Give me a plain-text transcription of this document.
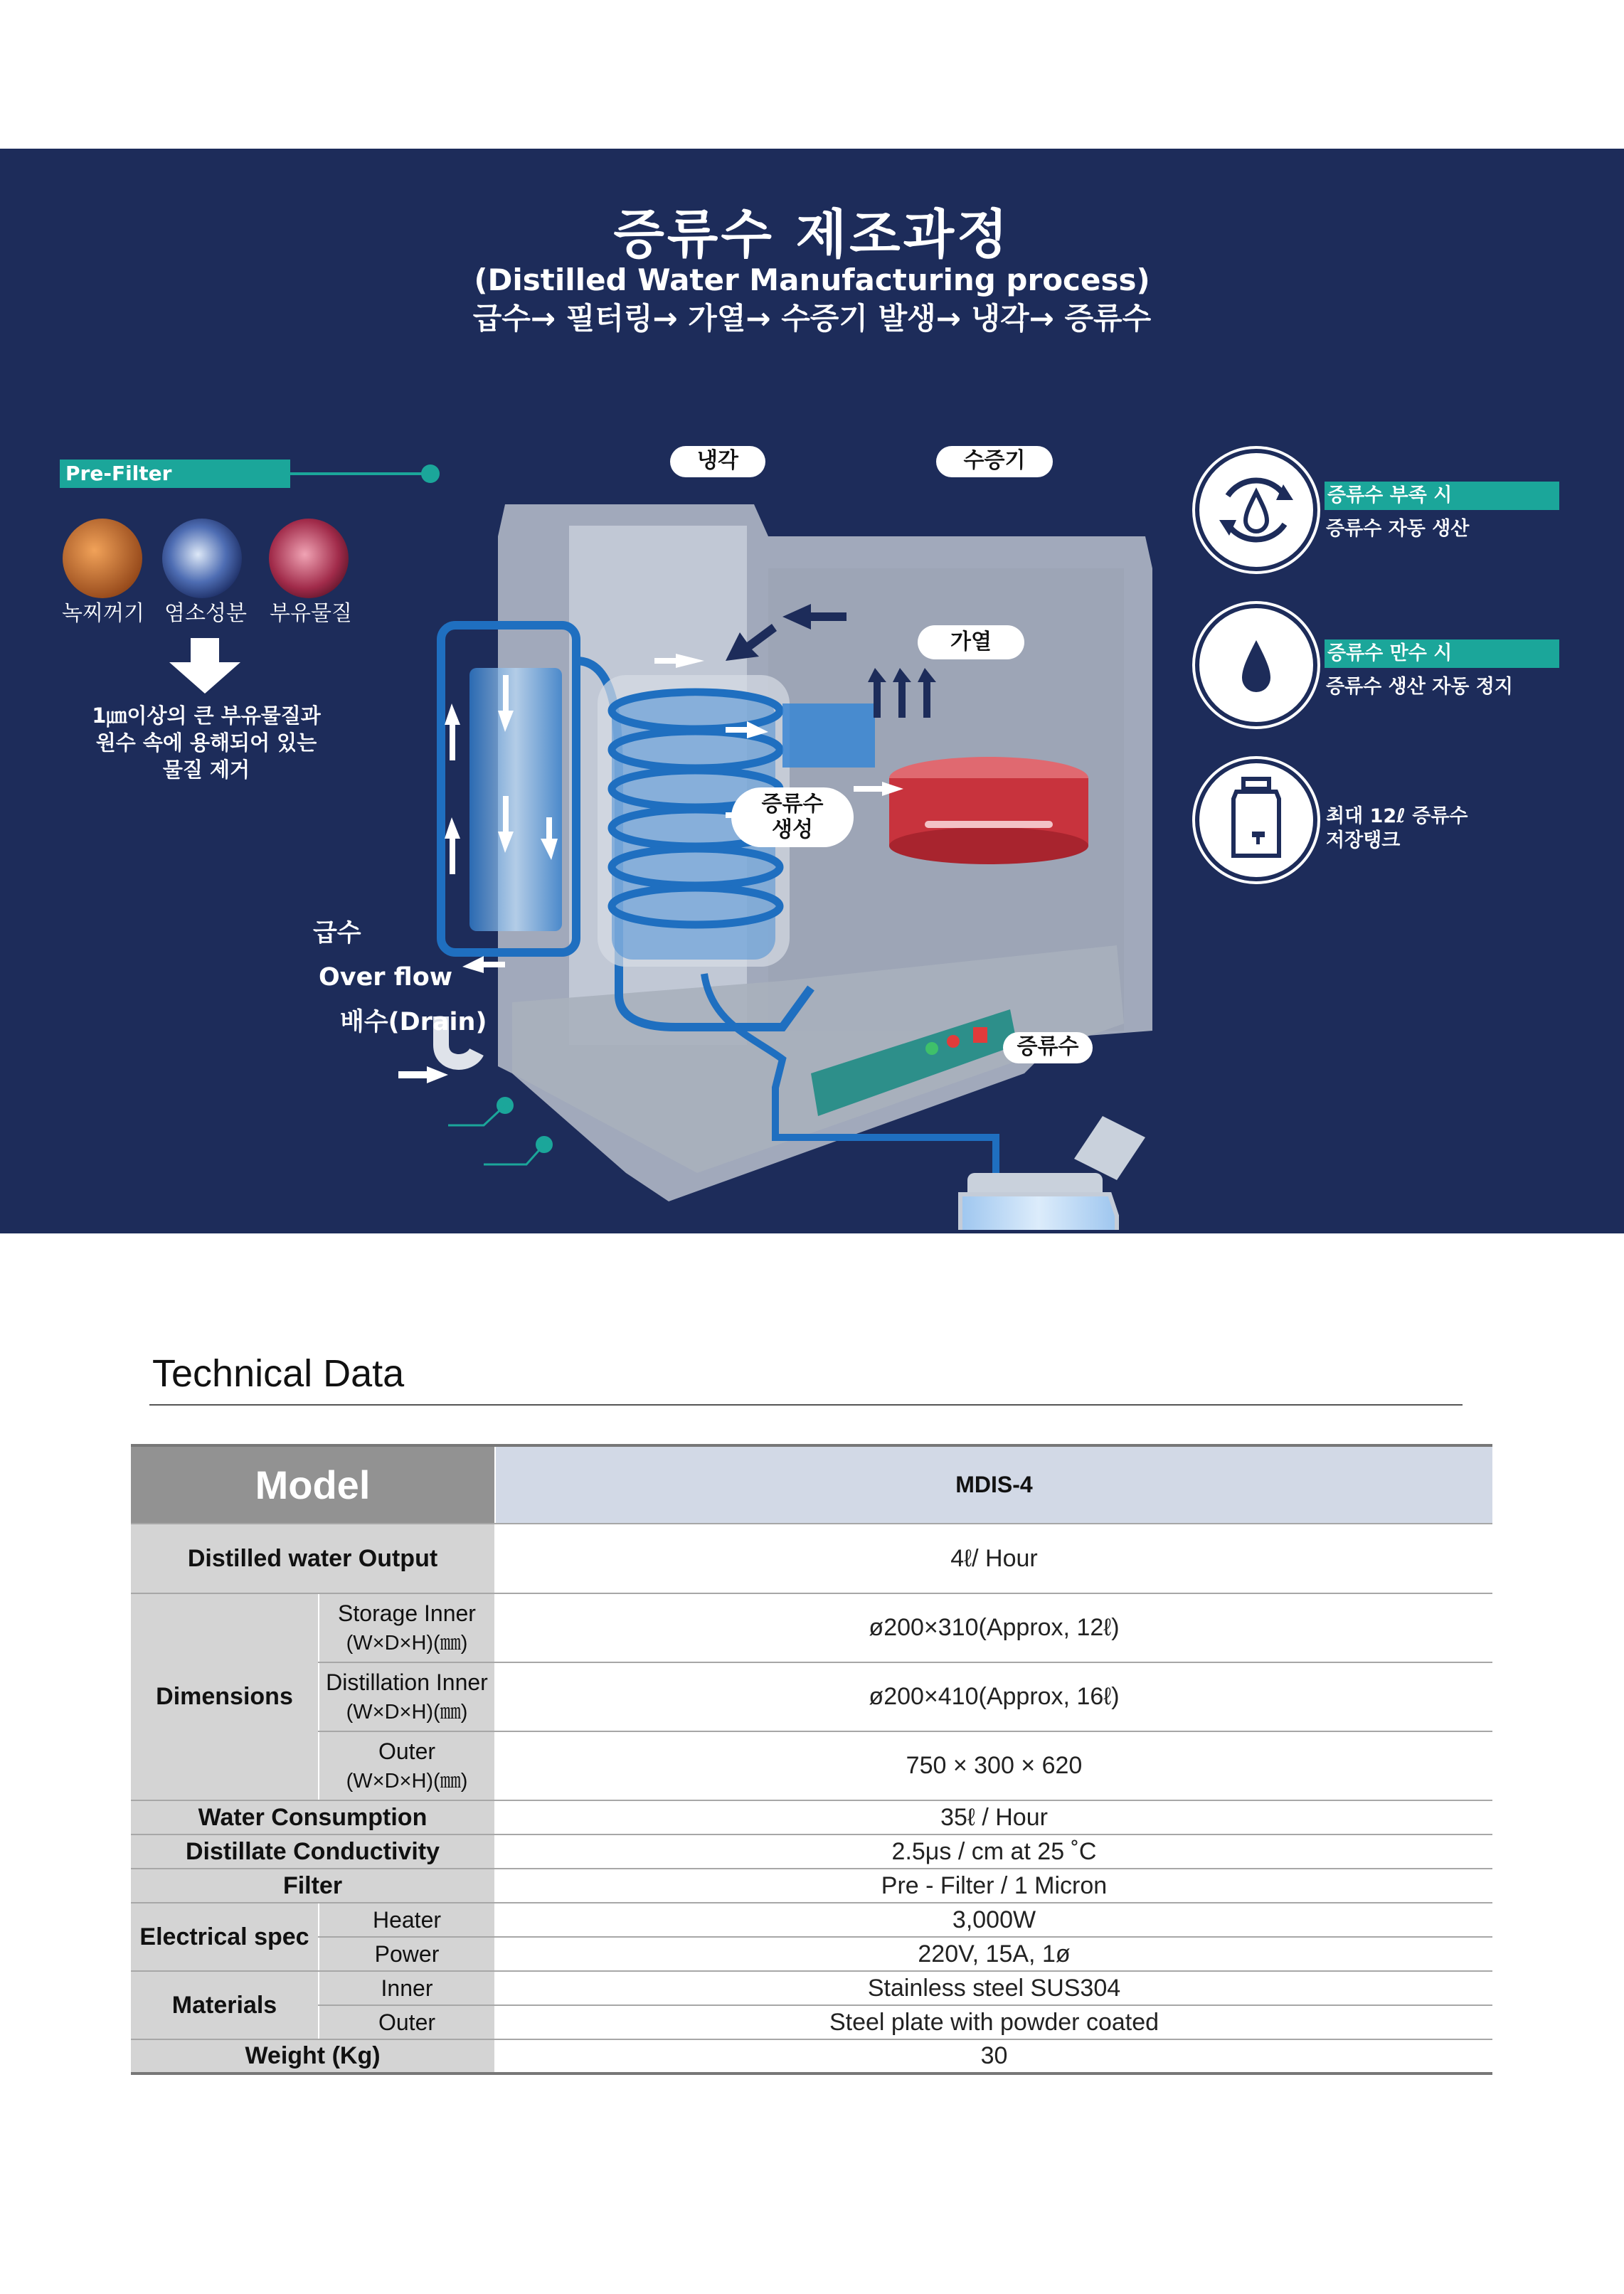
증류수 제조과정
(Distilled Water Manufacturing process)
급수→ 필터링→ 가열→ 수증기 발생→ 냉각→ 증류수
Pre-Filter
녹찌꺼기 염소성분	부유물질
1㎛이상의 큰 부유물질과
원수 속에 용해되어 있는
물질 제거
냉각	수증기
가열
증류수
생성
증류수
급수
Over flow
배수(Drain)
증류수 부족 시
증류수 자동 생산
증류수 만수 시
증류수 생산 자동 정지
최대 12ℓ 증류수
저장탱크
Technical Data
Model		MDIS-4
Distilled water Output		4ℓ/ Hour
Dimensions	Storage Inner
(W×D×H)(㎜)	ø200×310(Approx, 12ℓ)

	Distillation Inner
(W×D×H)(㎜)	ø200×410(Approx, 16ℓ)

	Outer
(W×D×H)(㎜)	750 × 300 × 620
Water Consumption		35ℓ / Hour
Distillate Conductivity		2.5μs / cm at 25 ˚C
Filter		Pre - Filter / 1 Micron
Electrical spec	Heater	3,000W
	Power	220V, 15A, 1ø
Materials	Inner	Stainless steel SUS304
	Outer	Steel plate with powder coated
Weight (Kg)		30
